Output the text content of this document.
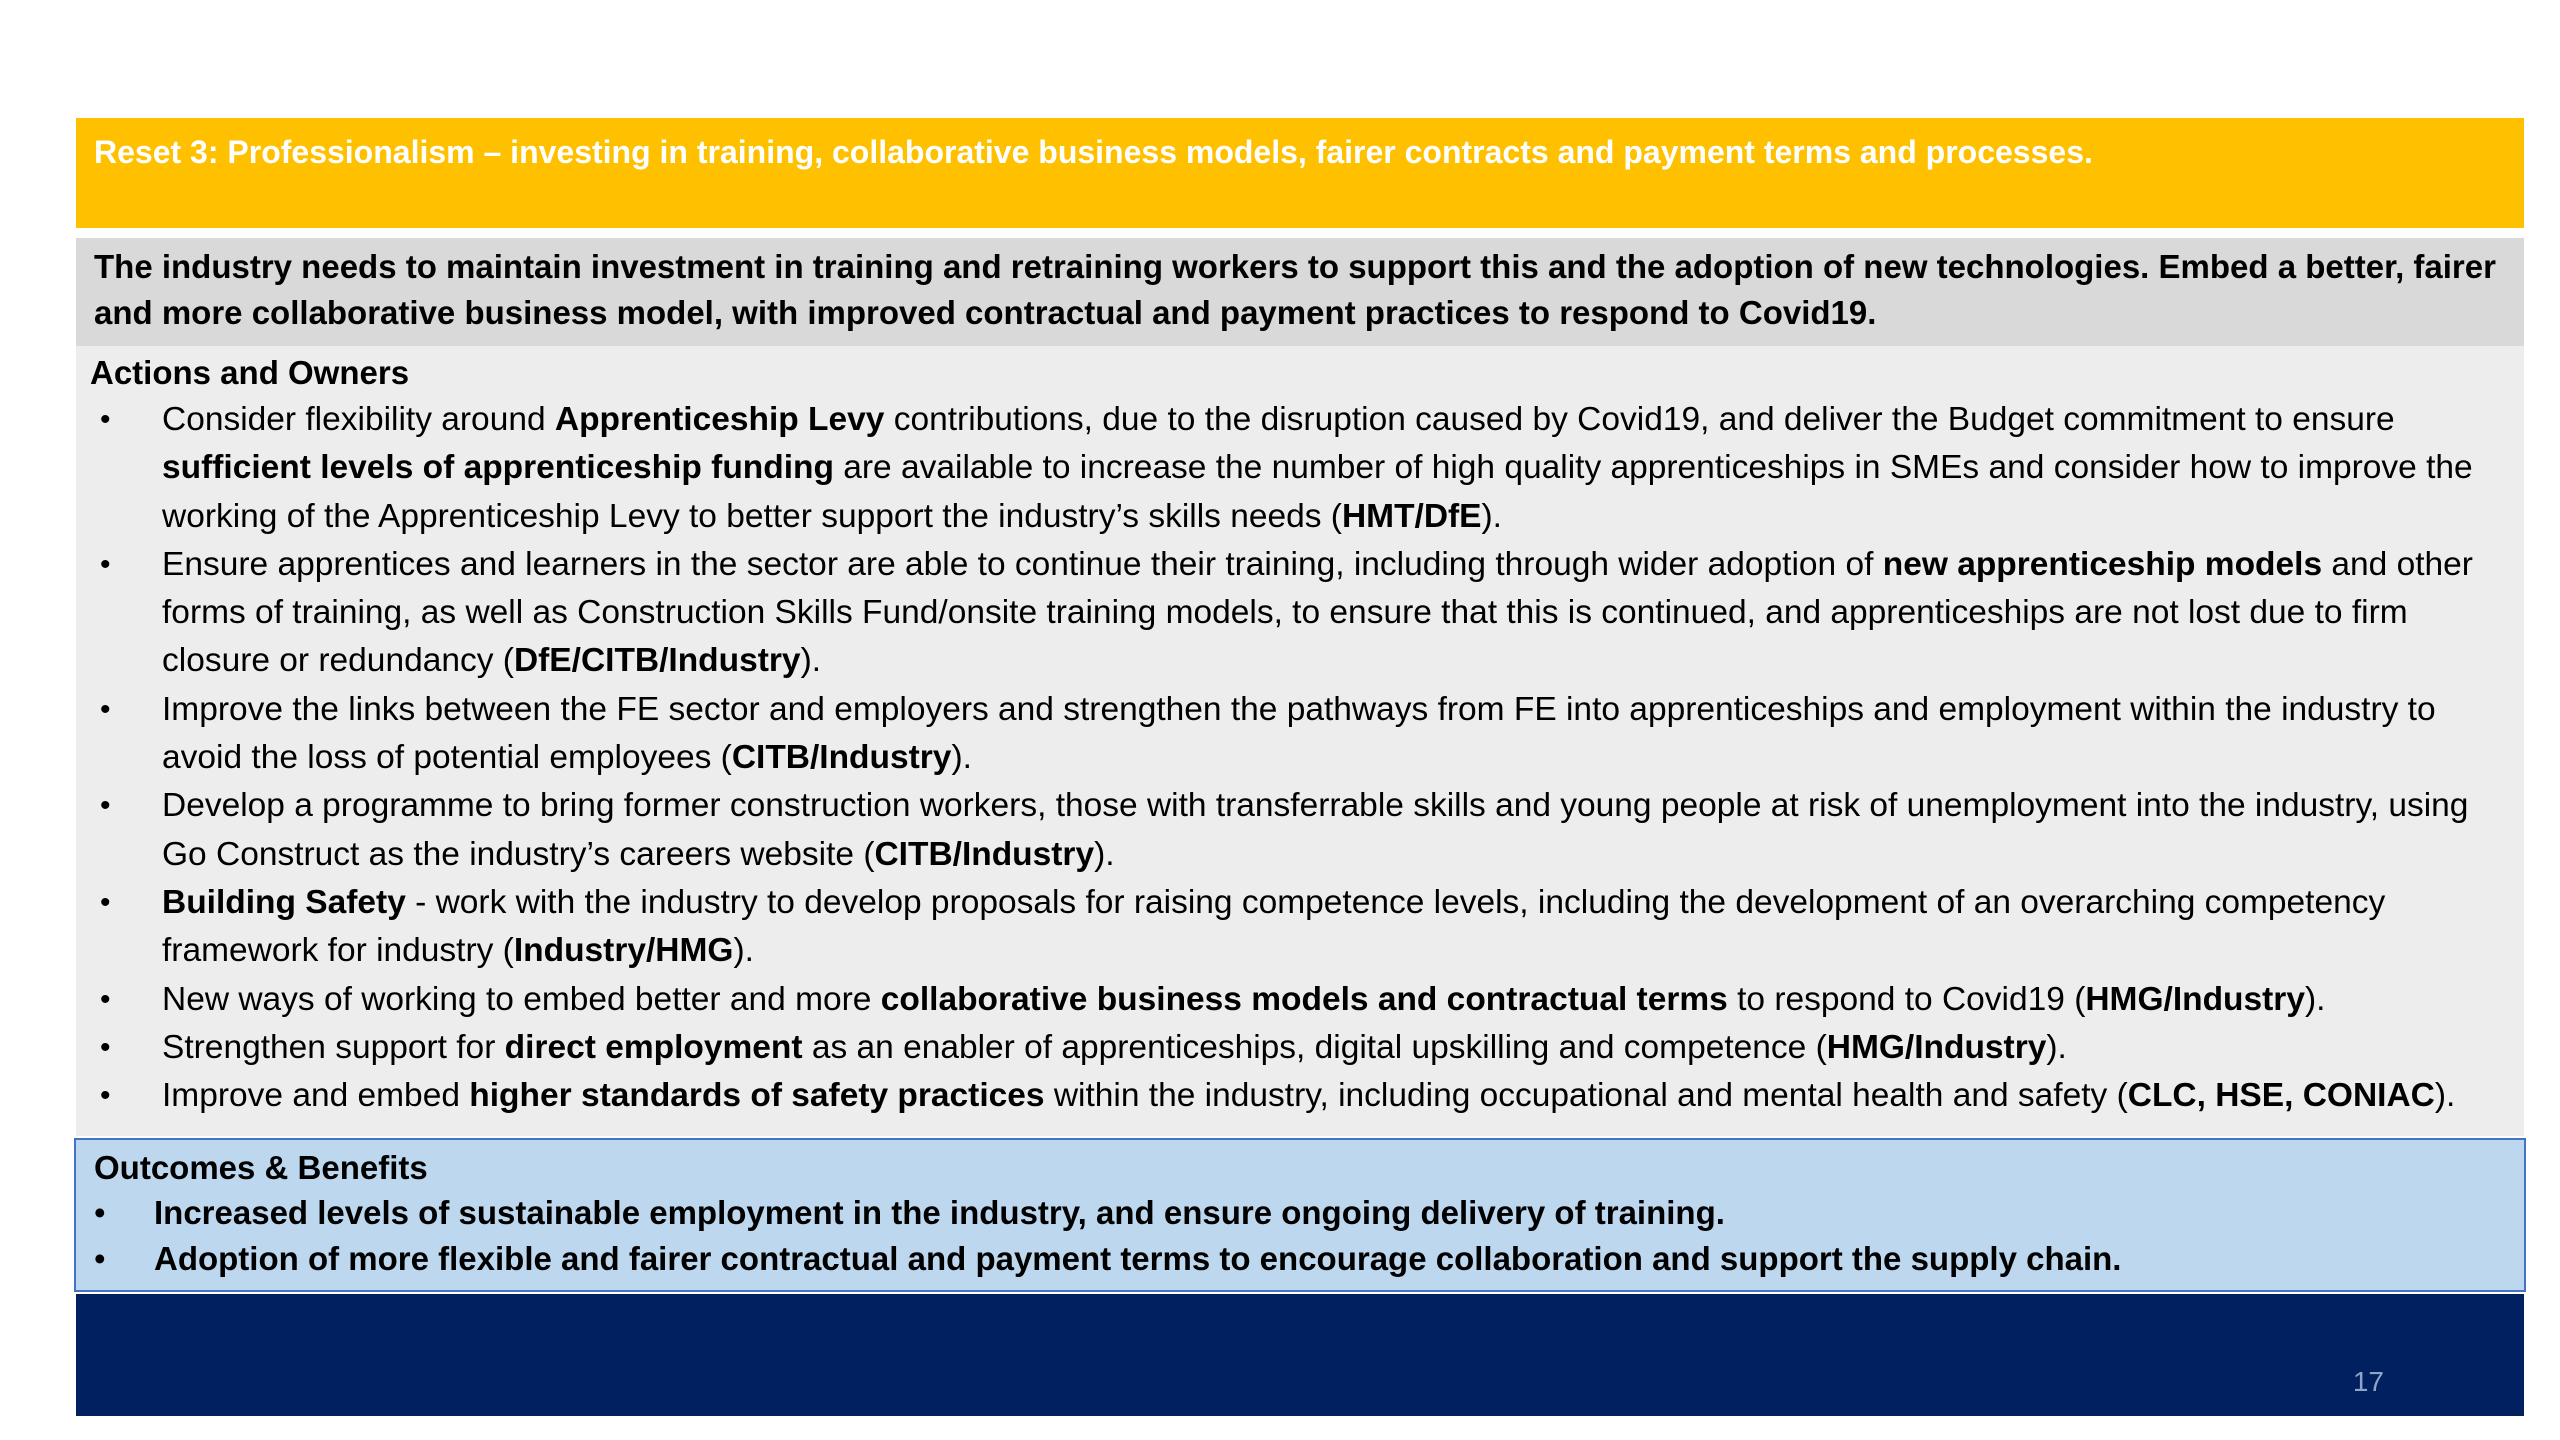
Reset 3: Professionalism – investing in training, collaborative business models, fairer contracts and payment terms and processes.
The industry needs to maintain investment in training and retraining workers to support this and the adoption of new technologies. Embed a better, fairer and more collaborative business model, with improved contractual and payment practices to respond to Covid19.
Actions and Owners
• Consider flexibility around Apprenticeship Levy contributions, due to the disruption caused by Covid19, and deliver the Budget commitment to ensure sufficient levels of apprenticeship funding are available to increase the number of high quality apprenticeships in SMEs and consider how to improve the working of the Apprenticeship Levy to better support the industry’s skills needs (HMT/DfE).
• Ensure apprentices and learners in the sector are able to continue their training, including through wider adoption of new apprenticeship models and other forms of training, as well as Construction Skills Fund/onsite training models, to ensure that this is continued, and apprenticeships are not lost due to firm closure or redundancy (DfE/CITB/Industry).
• Improve the links between the FE sector and employers and strengthen the pathways from FE into apprenticeships and employment within the industry to avoid the loss of potential employees (CITB/Industry).
• Develop a programme to bring former construction workers, those with transferrable skills and young people at risk of unemployment into the industry, using Go Construct as the industry’s careers website (CITB/Industry).
• Building Safety - work with the industry to develop proposals for raising competence levels, including the development of an overarching competency framework for industry (Industry/HMG).
• New ways of working to embed better and more collaborative business models and contractual terms to respond to Covid19 (HMG/Industry).
• Strengthen support for direct employment as an enabler of apprenticeships, digital upskilling and competence (HMG/Industry).
• Improve and embed higher standards of safety practices within the industry, including occupational and mental health and safety (CLC, HSE, CONIAC).
Outcomes & Benefits
• Increased levels of sustainable employment in the industry, and ensure ongoing delivery of training.
• Adoption of more flexible and fairer contractual and payment terms to encourage collaboration and support the supply chain.
17
